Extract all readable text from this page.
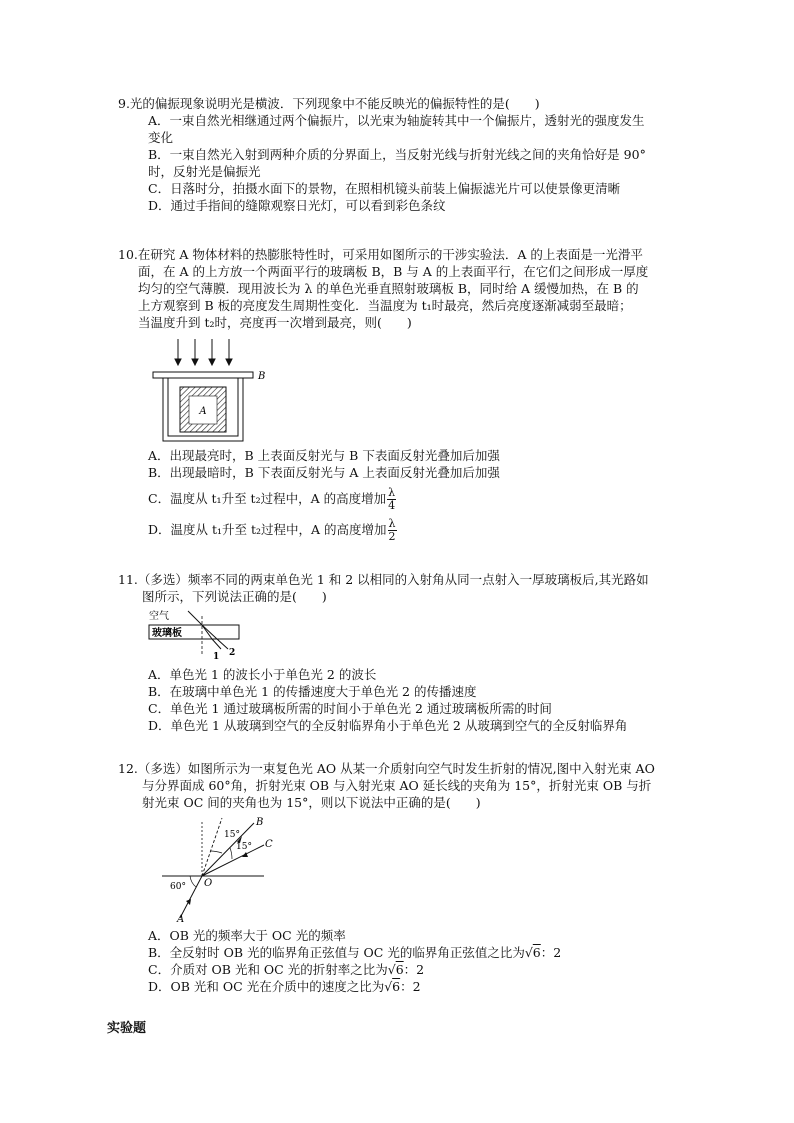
9.光的偏振现象说明光是横波．下列现象中不能反映光的偏振特性的是(　　)

A．一束自然光相继通过两个偏振片，以光束为轴旋转其中一个偏振片，透射光的强度发生

变化

B．一束自然光入射到两种介质的分界面上，当反射光线与折射光线之间的夹角恰好是 90°

时，反射光是偏振光

C．日落时分，拍摄水面下的景物，在照相机镜头前装上偏振滤光片可以使景像更清晰

D．通过手指间的缝隙观察日光灯，可以看到彩色条纹

10.在研究 A 物体材料的热膨胀特性时，可采用如图所示的干涉实验法．A 的上表面是一光滑平

面，在 A 的上方放一个两面平行的玻璃板 B，B 与 A 的上表面平行，在它们之间形成一厚度

均匀的空气薄膜．现用波长为 λ 的单色光垂直照射玻璃板 B，同时给 A 缓慢加热，在 B 的

上方观察到 B 板的亮度发生周期性变化．当温度为 t₁时最亮，然后亮度逐渐减弱至最暗；

当温度升到 t₂时，亮度再一次增到最亮，则(　　)

A
B

A．出现最亮时，B 上表面反射光与 B 下表面反射光叠加后加强

B．出现最暗时，B 下表面反射光与 A 上表面反射光叠加后加强

C．温度从 t₁升至 t₂过程中，A 的高度增加 $\frac{\lambda}{4}$

D．温度从 t₁升至 t₂过程中，A 的高度增加 $\frac{\lambda}{2}$

11.（多选）频率不同的两束单色光 1 和 2 以相同的入射角从同一点射入一厚玻璃板后,其光路如

图所示，下列说法正确的是(　　)

空气
玻璃板
1 2

A．单色光 1 的波长小于单色光 2 的波长

B．在玻璃中单色光 1 的传播速度大于单色光 2 的传播速度

C．单色光 1 通过玻璃板所需的时间小于单色光 2 通过玻璃板所需的时间

D．单色光 1 从玻璃到空气的全反射临界角小于单色光 2 从玻璃到空气的全反射临界角

12.（多选）如图所示为一束复色光 AO 从某一介质射向空气时发生折射的情况,图中入射光束 AO

与分界面成 60°角，折射光束 OB 与入射光束 AO 延长线的夹角为 15°，折射光束 OB 与折

射光束 OC 间的夹角也为 15°，则以下说法中正确的是(　　)

15°
15°
60° O
A
B
C

A．OB 光的频率大于 OC 光的频率

B．全反射时 OB 光的临界角正弦值与 OC 光的临界角正弦值之比为√6：2

C．介质对 OB 光和 OC 光的折射率之比为√6：2

D．OB 光和 OC 光在介质中的速度之比为√6：2

实验题
